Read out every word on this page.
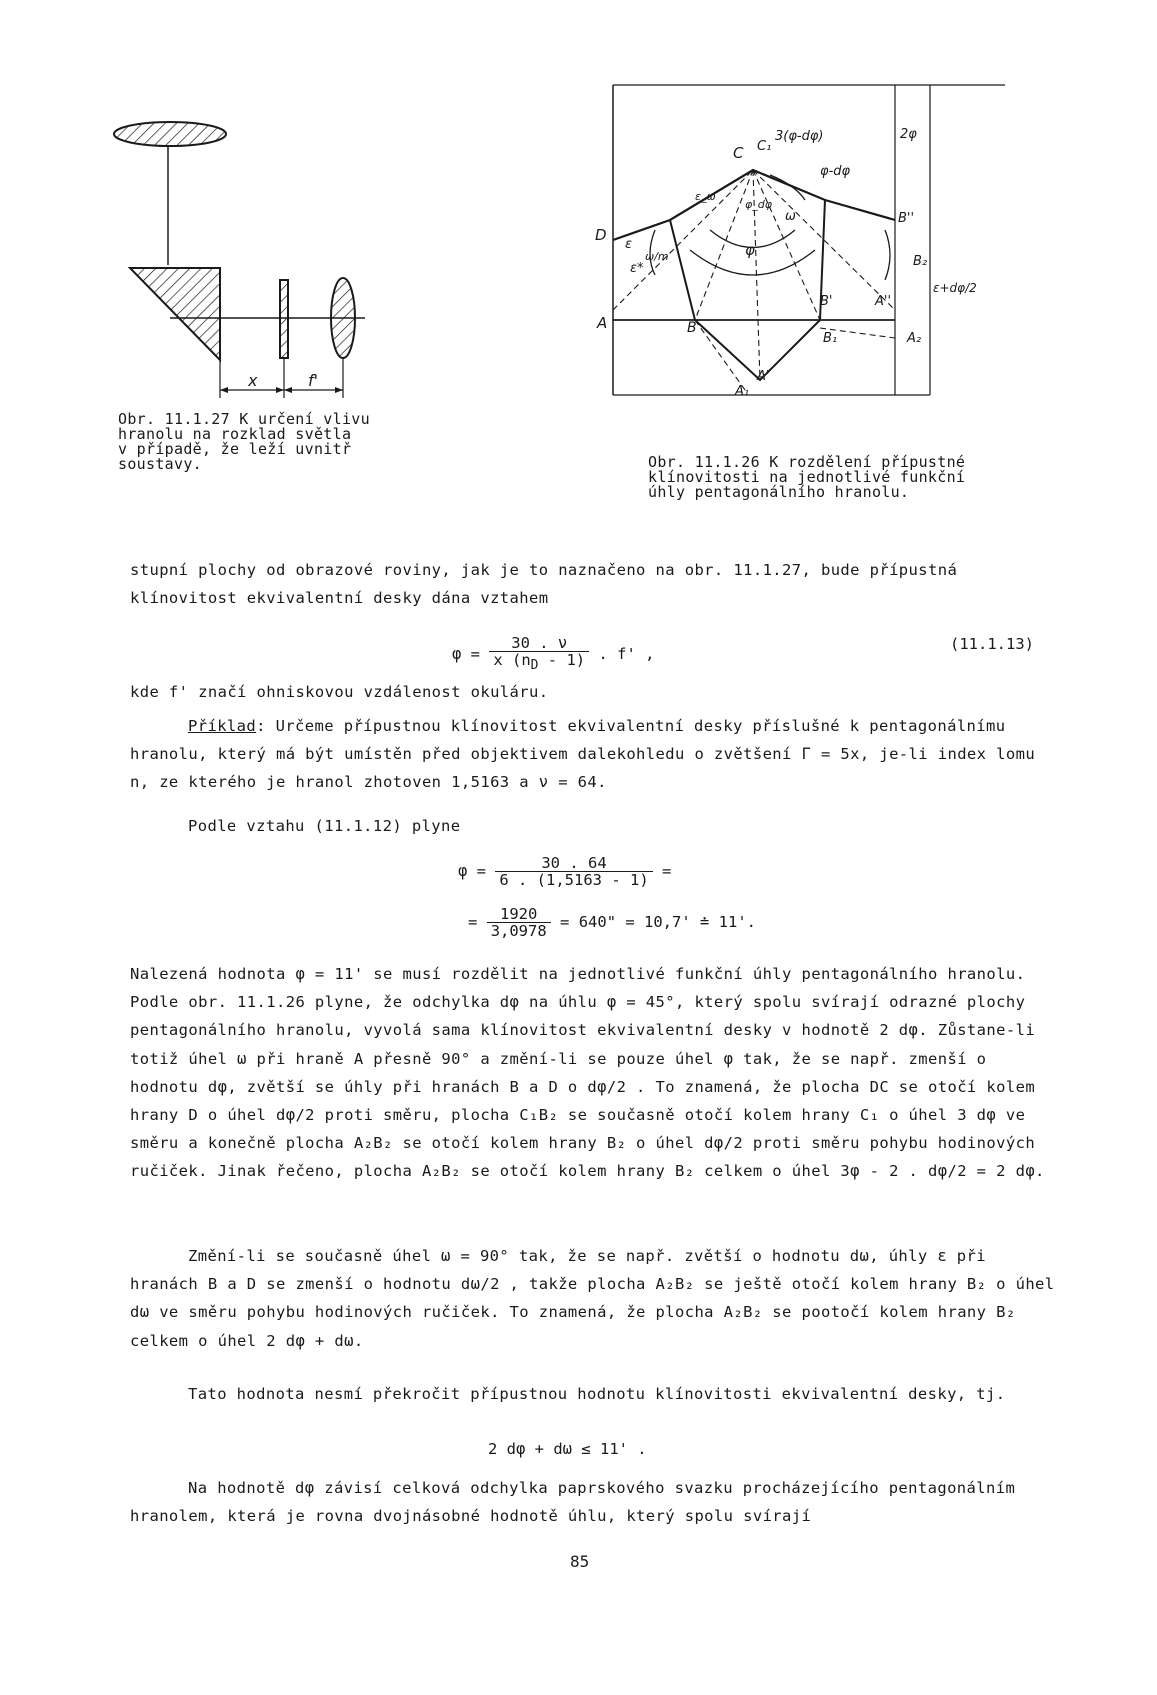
x	f'
Obr. 11.1.27 K určení vlivu
hranolu na rozklad světla
v případě, že leží uvnitř
soustavy.
C C₁
3(φ-dφ)
φ-dφ
2φ
D
ε
ε*
ω/m
ε_ω
φ_dφ
φ
ω	B''
B₂
ε+dφ/2
A	B
B'	A''
B₁	A₂
A'
A₁
Obr. 11.1.26 K rozdělení přípustné
klínovitosti na jednotlivé funkční
úhly pentagonálního hranolu.

stupní plochy od obrazové roviny, jak je to naznačeno na obr. 11.1.27, bude přípustná klínovitost ekvivalentní desky dána vztahem

$\varphi = \frac{30 . \nu}{x (n_D - 1)}$ . f' ,
(11.1.13)

kde f' značí ohniskovou vzdálenost okuláru.

Příklad: Určeme přípustnou klínovitost ekvivalentní desky příslušné k pentagonálnímu hranolu, který má být umístěn před objektivem dalekohledu o zvětšení Γ = 5x, je-li index lomu n, ze kterého je hranol zhotoven 1,5163 a ν = 64.

Podle vztahu (11.1.12) plyne

$\varphi = \frac{30 . 64}{6 . (1,5163 - 1)}$ =
= $\frac{1920}{3,0978} = 640$" = 10,7' ≐ 11'.

Nalezená hodnota φ = 11' se musí rozdělit na jednotlivé funkční úhly pentagonálního hranolu. Podle obr. 11.1.26 plyne, že odchylka dφ na úhlu φ = 45°, který spolu svírají odrazné plochy pentagonálního hranolu, vyvolá sama klínovitost ekvivalentní desky v hodnotě 2 dφ. Zůstane-li totiž úhel ω při hraně A přesně 90° a změní-li se pouze úhel φ tak, že se např. zmenší o hodnotu dφ, zvětší se úhly při hranách B a D o dφ/2 . To znamená, že plocha DC se otočí kolem hrany D o úhel dφ/2 proti směru, plocha C₁B₂ se současně otočí kolem hrany C₁ o úhel 3 dφ ve směru a konečně plocha A₂B₂ se otočí kolem hrany B₂ o úhel dφ/2 proti směru pohybu hodinových ručiček. Jinak řečeno, plocha A₂B₂ se otočí kolem hrany B₂ celkem o úhel 3φ - 2 . dφ/2 = 2 dφ.

Změní-li se současně úhel ω = 90° tak, že se např. zvětší o hodnotu dω, úhly ε při hranách B a D se zmenší o hodnotu dω/2 , takže plocha A₂B₂ se ještě otočí kolem hrany B₂ o úhel dω ve směru pohybu hodinových ručiček. To znamená, že plocha A₂B₂ se pootočí kolem hrany B₂ celkem o úhel 2 dφ + dω.

Tato hodnota nesmí překročit přípustnou hodnotu klínovitosti ekvivalentní desky, tj.

2 dφ + dω ≤ 11' .

Na hodnotě dφ závisí celková odchylka paprskového svazku procházejícího pentagonálním hranolem, která je rovna dvojnásobné hodnotě úhlu, který spolu svírají

85
